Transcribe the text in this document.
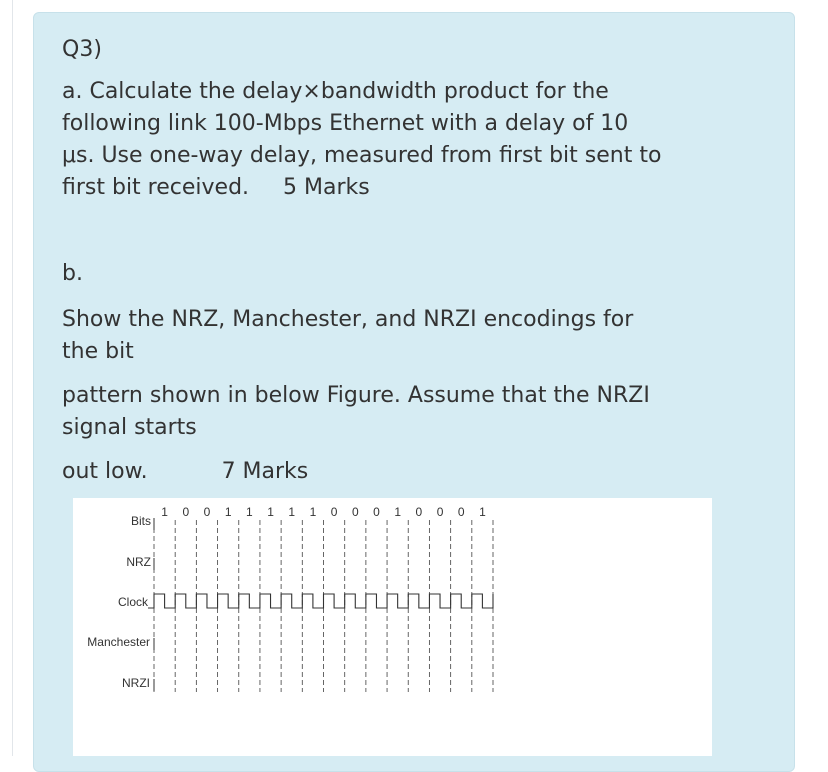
Q3)
a. Calculate the delay×bandwidth product for the
following link 100-Mbps Ethernet with a delay of 10
μs. Use one-way delay, measured from first bit sent to
first bit received. 5 Marks
b.
Show the NRZ, Manchester, and NRZI encodings for
the bit
pattern shown in below Figure. Assume that the NRZI
signal starts
out low.	7 Marks
1 0 0 1 1 1 1 1 0 0 0 1 0 0 0 1
Bits
NRZ
Clock
Manchester
NRZI
